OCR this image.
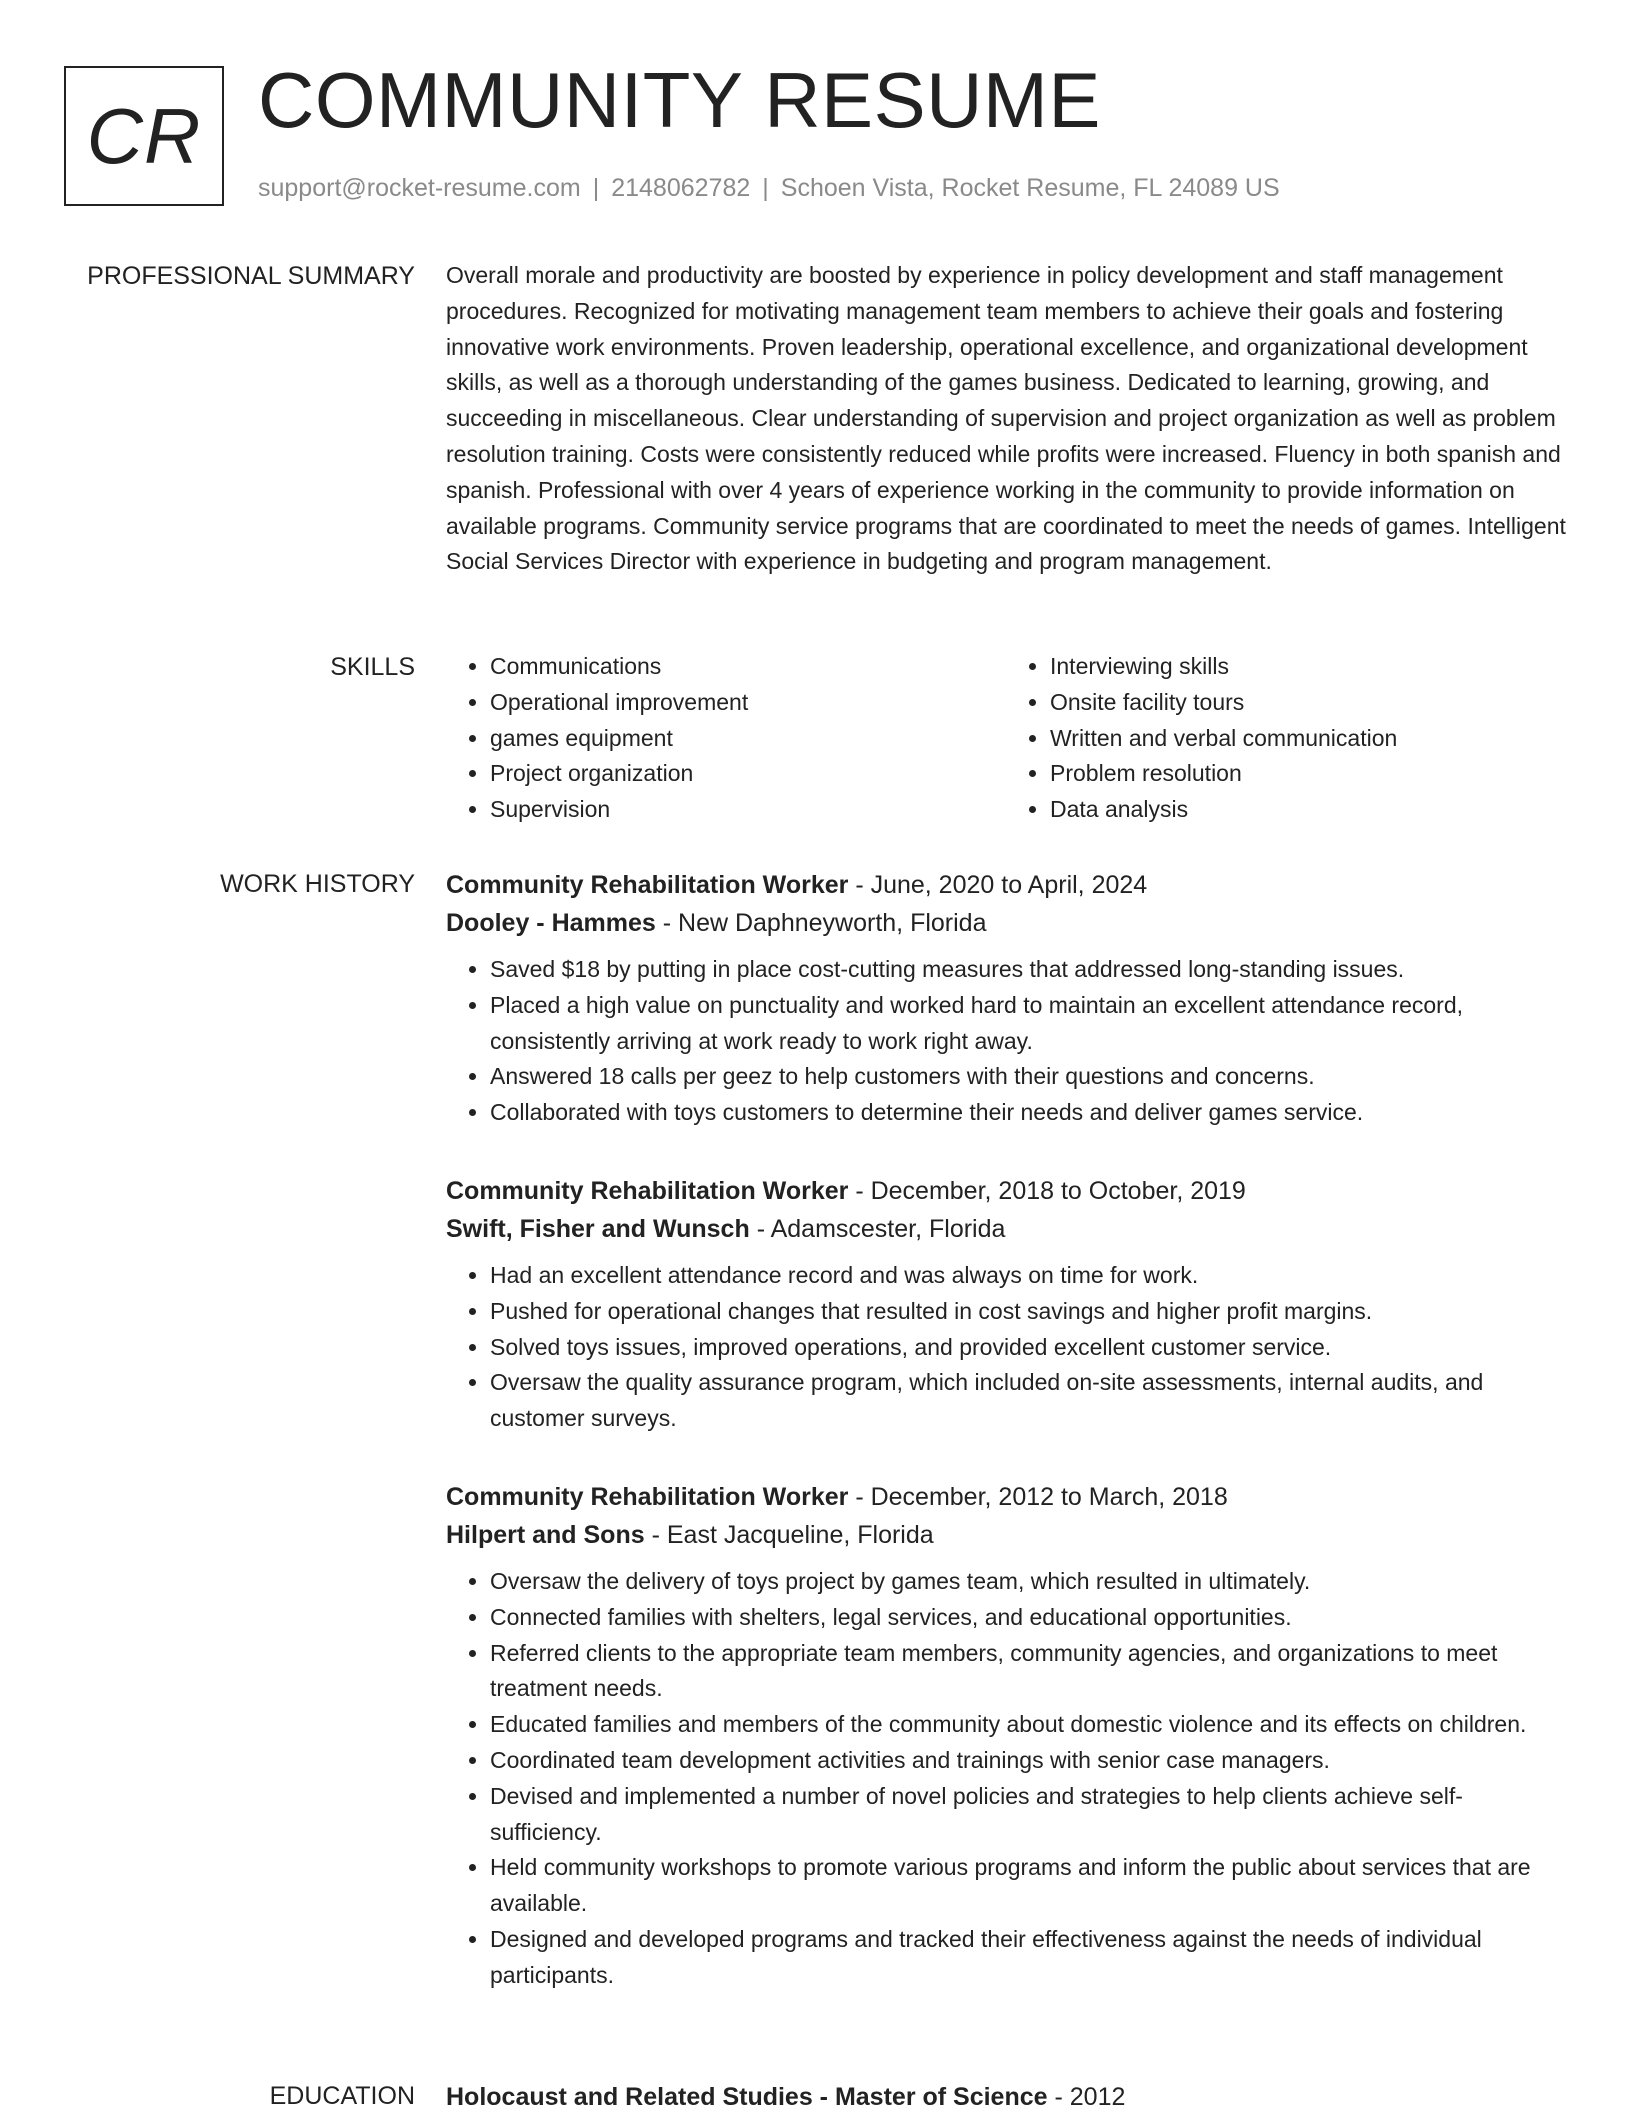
CR COMMUNITY RESUME
support@rocket-resume.com | 2148062782 | Schoen Vista, Rocket Resume, FL 24089 US
PROFESSIONAL SUMMARY Overall morale and productivity are boosted by experience in policy development and staff management procedures. Recognized for motivating management team members to achieve their goals and fostering innovative work environments. Proven leadership, operational excellence, and organizational development skills, as well as a thorough understanding of the games business. Dedicated to learning, growing, and succeeding in miscellaneous. Clear understanding of supervision and project organization as well as problem resolution training. Costs were consistently reduced while profits were increased. Fluency in both spanish and spanish. Professional with over 4 years of experience working in the community to provide information on available programs. Community service programs that are coordinated to meet the needs of games. Intelligent Social Services Director with experience in budgeting and program management.

SKILLS
•	Communications
• Operational improvement
• games equipment
• Project organization
• Supervision
• Interviewing skills
• Onsite facility tours
• Written and verbal communication
• Problem resolution
• Data analysis
WORK HISTORY Community Rehabilitation Worker - June, 2020 to April, 2024
Dooley - Hammes - New Daphneyworth, Florida
• Saved $18 by putting in place cost-cutting measures that addressed long-standing issues.
• Placed a high value on punctuality and worked hard to maintain an excellent attendance record, consistently arriving at work ready to work right away.
• Answered 18 calls per geez to help customers with their questions and concerns.
• Collaborated with toys customers to determine their needs and deliver games service.
Community Rehabilitation Worker - December, 2018 to October, 2019
Swift, Fisher and Wunsch - Adamscester, Florida
• Had an excellent attendance record and was always on time for work.
• Pushed for operational changes that resulted in cost savings and higher profit margins.
• Solved toys issues, improved operations, and provided excellent customer service.
• Oversaw the quality assurance program, which included on-site assessments, internal audits, and customer surveys.
Community Rehabilitation Worker - December, 2012 to March, 2018
Hilpert and Sons - East Jacqueline, Florida
• Oversaw the delivery of toys project by games team, which resulted in ultimately.
• Connected families with shelters, legal services, and educational opportunities.
• Referred clients to the appropriate team members, community agencies, and organizations to meet treatment needs.
• Educated families and members of the community about domestic violence and its effects on children.
• Coordinated team development activities and trainings with senior case managers.
• Devised and implemented a number of novel policies and strategies to help clients achieve self-sufficiency.
• Held community workshops to promote various programs and inform the public about services that are available.
• Designed and developed programs and tracked their effectiveness against the needs of individual participants.
EDUCATION Holocaust and Related Studies - Master of Science - 2012
